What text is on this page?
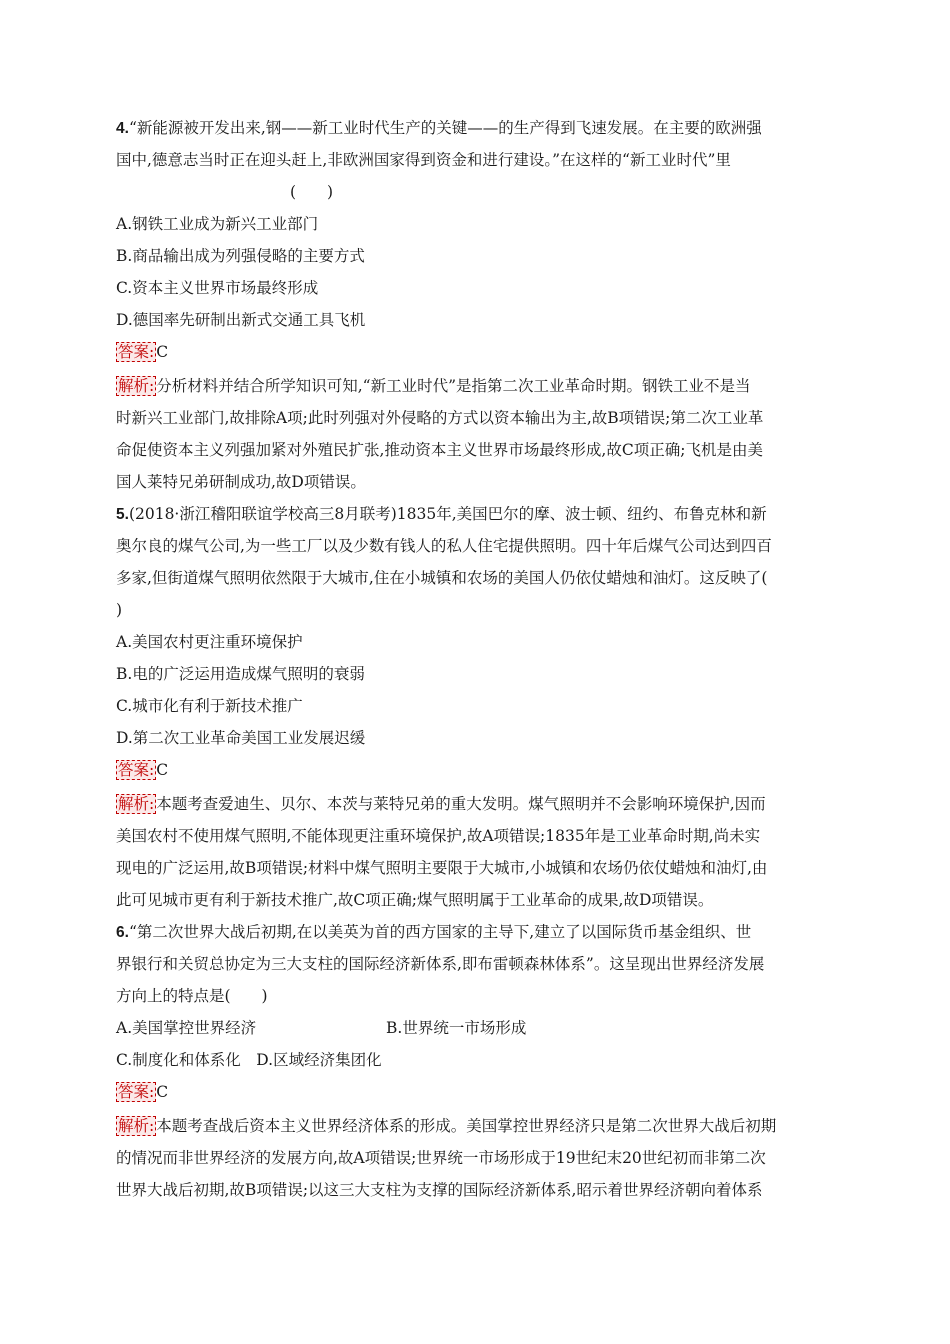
4.“新能源被开发出来,钢——新工业时代生产的关键——的生产得到飞速发展。在主要的欧洲强
国中,德意志当时正在迎头赶上,非欧洲国家得到资金和进行建设。”在这样的“新工业时代”里
(　　)
A.钢铁工业成为新兴工业部门
B.商品输出成为列强侵略的主要方式
C.资本主义世界市场最终形成
D.德国率先研制出新式交通工具飞机
答案: C
解析: 分析材料并结合所学知识可知,“新工业时代”是指第二次工业革命时期。钢铁工业不是当
时新兴工业部门,故排除A项;此时列强对外侵略的方式以资本输出为主,故B项错误;第二次工业革
命促使资本主义列强加紧对外殖民扩张,推动资本主义世界市场最终形成,故C项正确;飞机是由美
国人莱特兄弟研制成功,故D项错误。
5.(2018·浙江稽阳联谊学校高三8月联考)1835年,美国巴尔的摩、波士顿、纽约、布鲁克林和新
奥尔良的煤气公司,为一些工厂以及少数有钱人的私人住宅提供照明。四十年后煤气公司达到四百
多家,但街道煤气照明依然限于大城市,住在小城镇和农场的美国人仍依仗蜡烛和油灯。这反映了(
)
A.美国农村更注重环境保护
B.电的广泛运用造成煤气照明的衰弱
C.城市化有利于新技术推广
D.第二次工业革命美国工业发展迟缓
答案: C
解析: 本题考查爱迪生、贝尔、本茨与莱特兄弟的重大发明。煤气照明并不会影响环境保护,因而
美国农村不使用煤气照明,不能体现更注重环境保护,故A项错误;1835年是工业革命时期,尚未实
现电的广泛运用,故B项错误;材料中煤气照明主要限于大城市,小城镇和农场仍依仗蜡烛和油灯,由
此可见城市更有利于新技术推广,故C项正确;煤气照明属于工业革命的成果,故D项错误。
6.“第二次世界大战后初期,在以美英为首的西方国家的主导下,建立了以国际货币基金组织、世
界银行和关贸总协定为三大支柱的国际经济新体系,即布雷顿森林体系”。这呈现出世界经济发展
方向上的特点是(　　)
A.美国掌控世界经济	B.世界统一市场形成
C.制度化和体系化　 D.区域经济集团化
答案: C
解析: 本题考查战后资本主义世界经济体系的形成。美国掌控世界经济只是第二次世界大战后初期
的情况而非世界经济的发展方向,故A项错误;世界统一市场形成于19世纪末20世纪初而非第二次
世界大战后初期,故B项错误;以这三大支柱为支撑的国际经济新体系,昭示着世界经济朝向着体系
